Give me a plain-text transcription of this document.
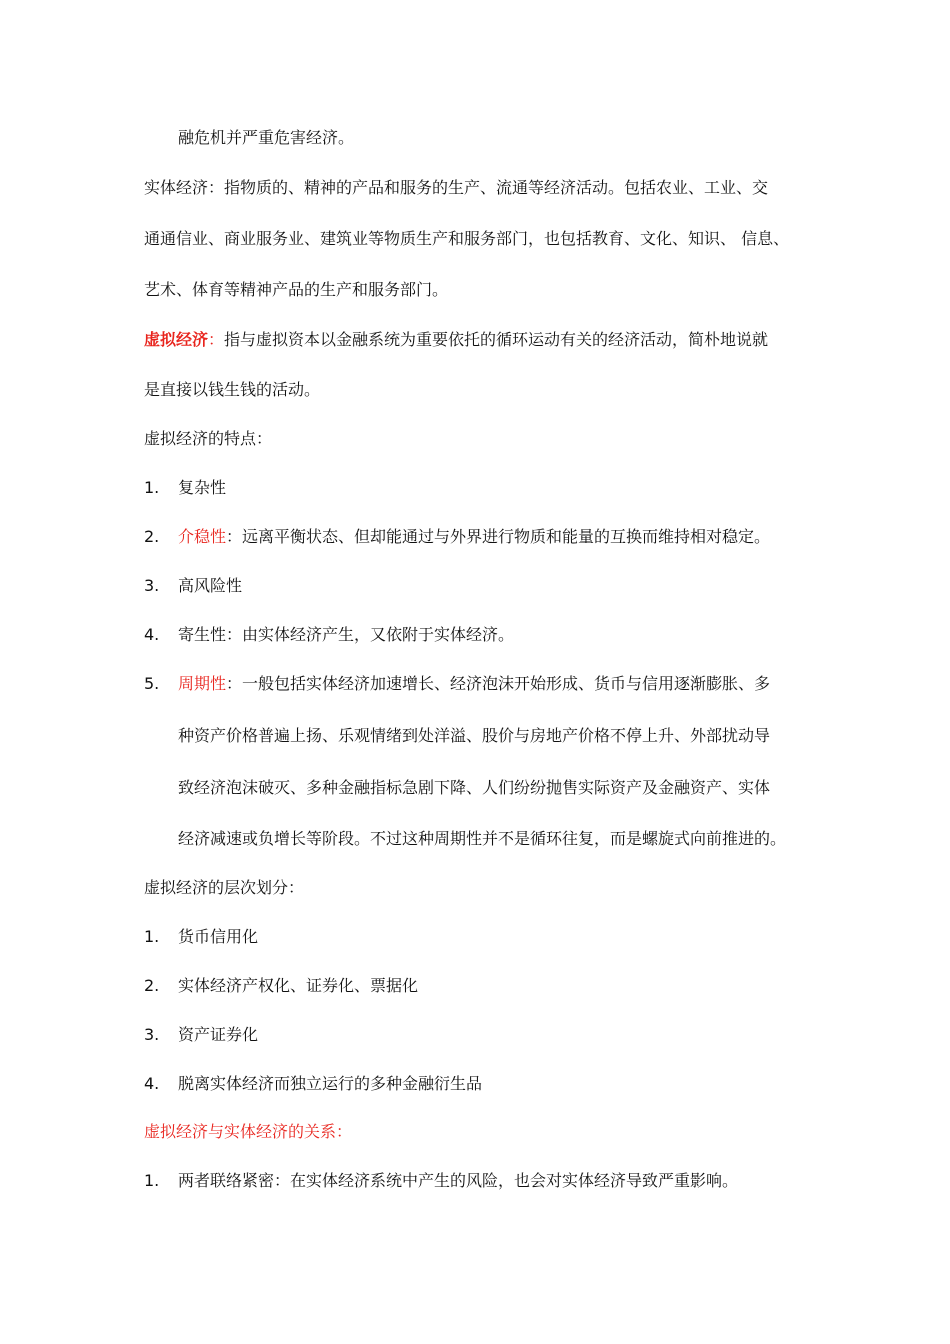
融危机并严重危害经济。
实体经济：指物质的、精神的产品和服务的生产、流通等经济活动。包括农业、工业、交
通通信业、商业服务业、建筑业等物质生产和服务部门，也包括教育、文化、知识、 信息、
艺术、体育等精神产品的生产和服务部门。
虚拟经济：指与虚拟资本以金融系统为重要依托的循环运动有关的经济活动，简朴地说就
是直接以钱生钱的活动。
虚拟经济的特点：
1. 复杂性
2. 介稳性：远离平衡状态、但却能通过与外界进行物质和能量的互换而维持相对稳定。
3. 高风险性
4. 寄生性：由实体经济产生，又依附于实体经济。
5. 周期性：一般包括实体经济加速增长、经济泡沫开始形成、货币与信用逐渐膨胀、多
种资产价格普遍上扬、乐观情绪到处洋溢、股价与房地产价格不停上升、外部扰动导
致经济泡沫破灭、多种金融指标急剧下降、人们纷纷抛售实际资产及金融资产、实体
经济减速或负增长等阶段。不过这种周期性并不是循环往复，而是螺旋式向前推进的。
虚拟经济的层次划分：
1. 货币信用化
2. 实体经济产权化、证券化、票据化
3. 资产证券化
4. 脱离实体经济而独立运行的多种金融衍生品
虚拟经济与实体经济的关系：
1. 两者联络紧密：在实体经济系统中产生的风险，也会对实体经济导致严重影响。
